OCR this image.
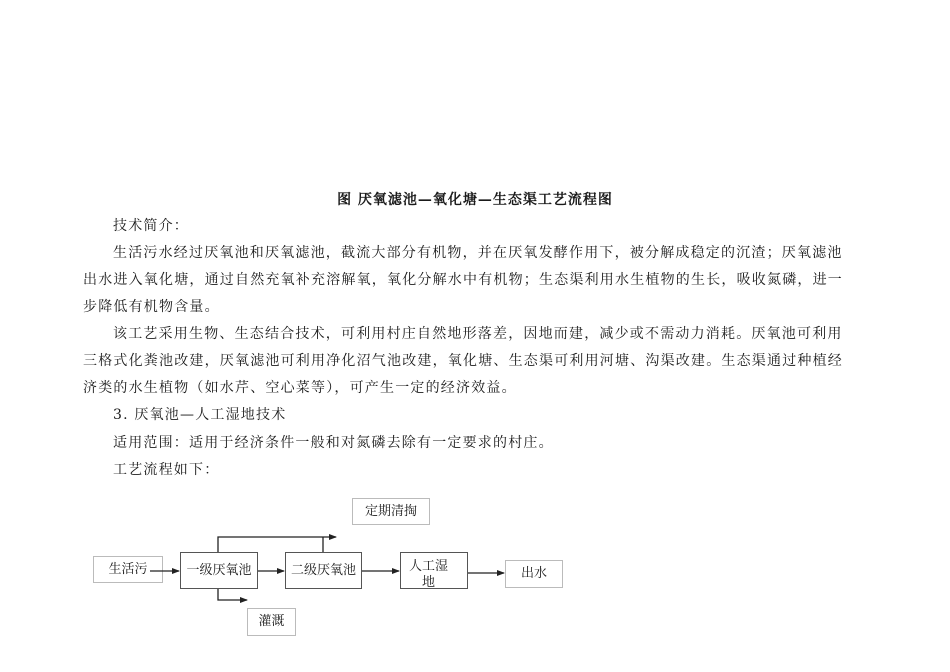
图 厌氧滤池—氧化塘—生态渠工艺流程图
技术简介：
生活污水经过厌氧池和厌氧滤池，截流大部分有机物，并在厌氧发酵作用下，被分解成稳定的沉渣；厌氧滤池
出水进入氧化塘，通过自然充氧补充溶解氧，氧化分解水中有机物；生态渠利用水生植物的生长，吸收氮磷，进一
步降低有机物含量。
该工艺采用生物、生态结合技术，可利用村庄自然地形落差，因地而建，减少或不需动力消耗。厌氧池可利用
三格式化粪池改建，厌氧滤池可利用净化沼气池改建，氧化塘、生态渠可利用河塘、沟渠改建。生态渠通过种植经
济类的水生植物（如水芹、空心菜等），可产生一定的经济效益。
3. 厌氧池—人工湿地技术
适用范围：适用于经济条件一般和对氮磷去除有一定要求的村庄。
工艺流程如下：
定期清掏
生活污	一级厌氧池	二级厌氧池	人工湿
地
出水
灌溉
